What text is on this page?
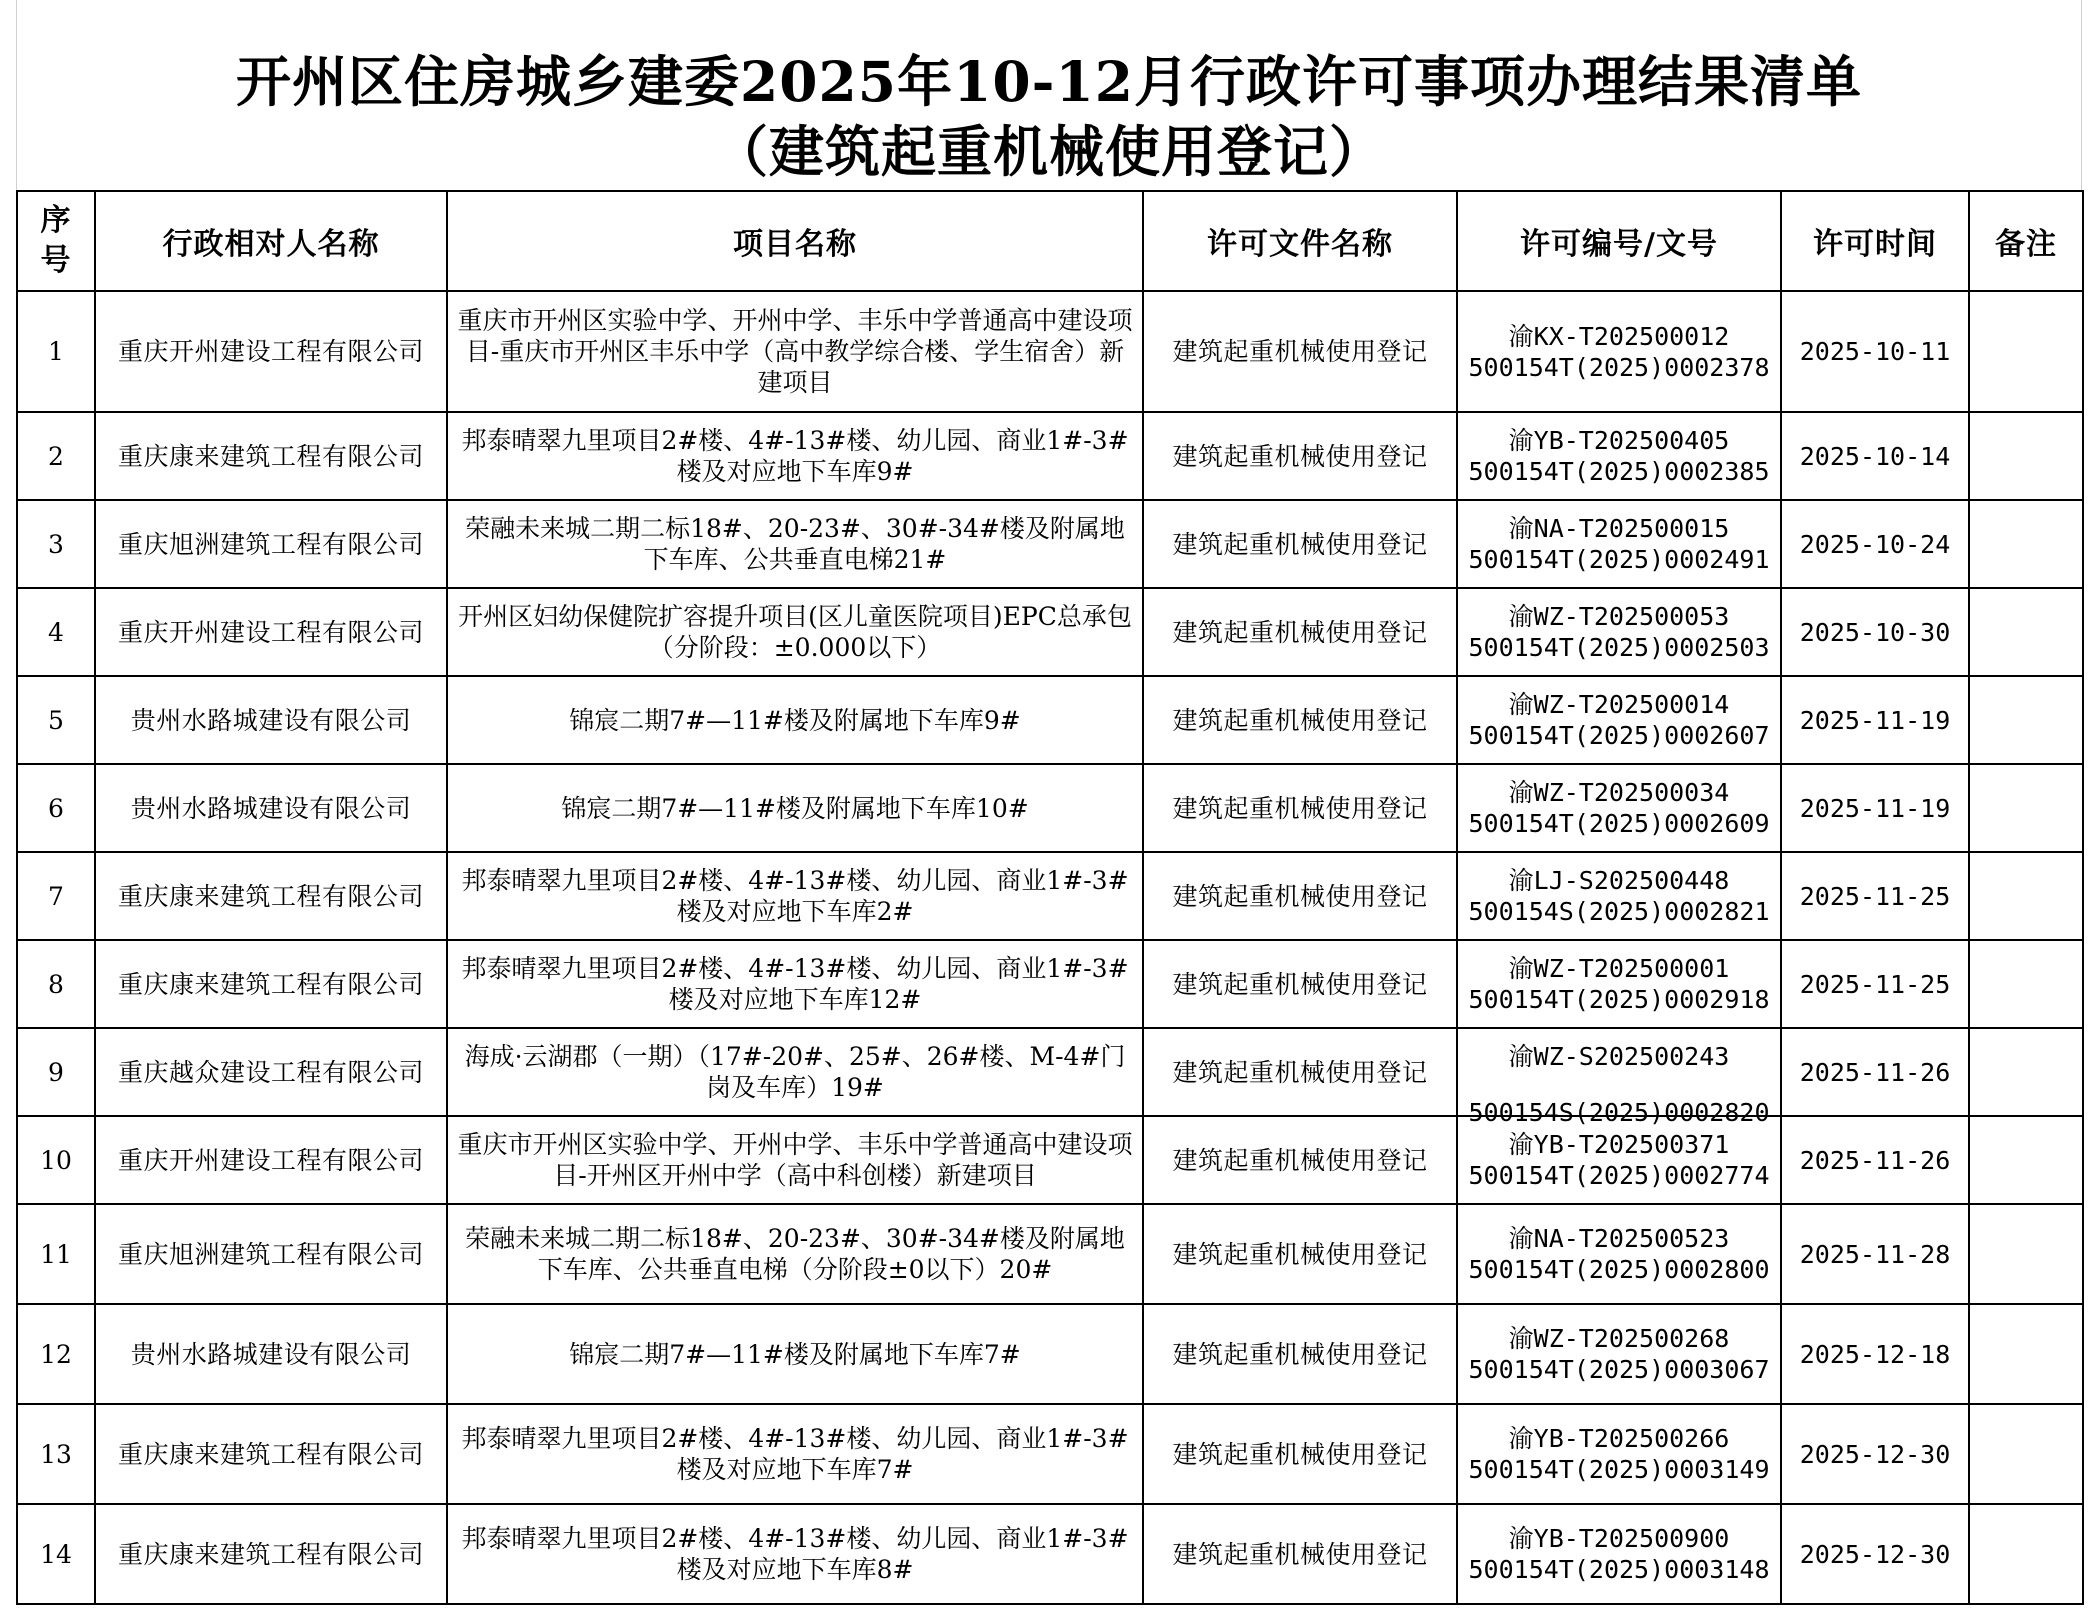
开州区住房城乡建委2025年10-12月行政许可事项办理结果清单
（建筑起重机械使用登记）
序
号	行政相对人名称	项目名称	许可文件名称	许可编号/文号	许可时间	备注
1	重庆开州建设工程有限公司	重庆市开州区实验中学、开州中学、丰乐中学普通高中建设项目-重庆市开州区丰乐中学（高中教学综合楼、学生宿舍）新建项目	建筑起重机械使用登记	渝KX-T202500012
500154T(2025)0002378	2025-10-11	
2	重庆康来建筑工程有限公司	邦泰晴翠九里项目2#楼、4#-13#楼、幼儿园、商业1#-3#楼及对应地下车库9#	建筑起重机械使用登记	渝YB-T202500405
500154T(2025)0002385	2025-10-14	
3	重庆旭洲建筑工程有限公司	荣融未来城二期二标18#、20-23#、30#-34#楼及附属地下车库、公共垂直电梯21#	建筑起重机械使用登记	渝NA-T202500015
500154T(2025)0002491	2025-10-24	
4	重庆开州建设工程有限公司	开州区妇幼保健院扩容提升项目(区儿童医院项目)EPC总承包（分阶段：±0.000以下）	建筑起重机械使用登记	渝WZ-T202500053
500154T(2025)0002503	2025-10-30	
5	贵州水路城建设有限公司	锦宸二期7#—11#楼及附属地下车库9#	建筑起重机械使用登记	渝WZ-T202500014
500154T(2025)0002607	2025-11-19	
6	贵州水路城建设有限公司	锦宸二期7#—11#楼及附属地下车库10#	建筑起重机械使用登记	渝WZ-T202500034
500154T(2025)0002609	2025-11-19	
7	重庆康来建筑工程有限公司	邦泰晴翠九里项目2#楼、4#-13#楼、幼儿园、商业1#-3#楼及对应地下车库2#	建筑起重机械使用登记	渝LJ-S202500448
500154S(2025)0002821	2025-11-25	
8	重庆康来建筑工程有限公司	邦泰晴翠九里项目2#楼、4#-13#楼、幼儿园、商业1#-3#楼及对应地下车库12#	建筑起重机械使用登记	渝WZ-T202500001
500154T(2025)0002918	2025-11-25	
9	重庆越众建设工程有限公司	海成·云湖郡（一期）（17#-20#、25#、26#楼、M-4#门岗及车库）19#	建筑起重机械使用登记	渝WZ-S202500243
500154S(2025)0002820	2025-11-26	
10	重庆开州建设工程有限公司	重庆市开州区实验中学、开州中学、丰乐中学普通高中建设项目-开州区开州中学（高中科创楼）新建项目	建筑起重机械使用登记	渝YB-T202500371
500154T(2025)0002774	2025-11-26	
11	重庆旭洲建筑工程有限公司	荣融未来城二期二标18#、20-23#、30#-34#楼及附属地下车库、公共垂直电梯（分阶段±0以下）20#	建筑起重机械使用登记	渝NA-T202500523
500154T(2025)0002800	2025-11-28	
12	贵州水路城建设有限公司	锦宸二期7#—11#楼及附属地下车库7#	建筑起重机械使用登记	渝WZ-T202500268
500154T(2025)0003067	2025-12-18	
13	重庆康来建筑工程有限公司	邦泰晴翠九里项目2#楼、4#-13#楼、幼儿园、商业1#-3#楼及对应地下车库7#	建筑起重机械使用登记	渝YB-T202500266
500154T(2025)0003149	2025-12-30	
14	重庆康来建筑工程有限公司	邦泰晴翠九里项目2#楼、4#-13#楼、幼儿园、商业1#-3#楼及对应地下车库8#	建筑起重机械使用登记	渝YB-T202500900
500154T(2025)0003148	2025-12-30	
